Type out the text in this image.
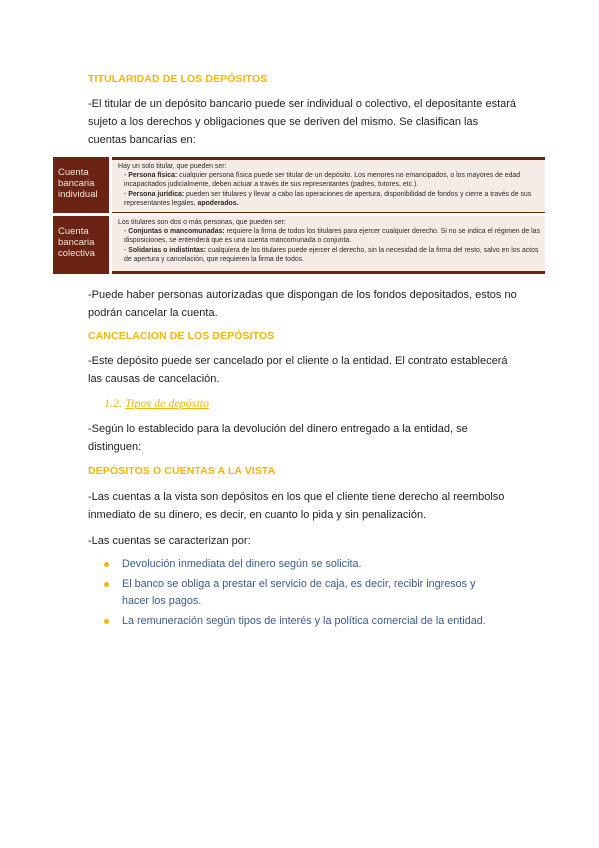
TITULARIDAD DE LOS DEPÓSITOS
-El titular de un depósito bancario puede ser individual o colectivo, el depositante estará sujeto a los derechos y obligaciones que se deriven del mismo. Se clasifican las cuentas bancarias en:
Cuenta bancaria individual
Hay un solo titular, que pueden ser:
- Persona física: cualquier persona física puede ser titular de un depósito. Los menores no emancipados, o los mayores de edad incapacitados judicialmente, deben actuar a través de sus representantes (padres, tutores, etc.).
- Persona jurídica: pueden ser titulares y llevar a cabo las operaciones de apertura, disponibilidad de fondos y cierre a través de sus representantes legales, apoderados.
Cuenta bancaria colectiva
Los titulares son dos o más personas, que pueden ser:
- Conjuntas o mancomunadas: requiere la firma de todos los titulares para ejercer cualquier derecho. Si no se indica el régimen de las disposiciones, se entenderá que es una cuenta mancomunada o conjunta.
- Solidarias o indistintas: cualquiera de los titulares puede ejercer el derecho, sin la necesidad de la firma del resto, salvo en los actos de apertura y cancelación, que requieren la firma de todos.
-Puede haber personas autorizadas que dispongan de los fondos depositados, estos no podrán cancelar la cuenta.
CANCELACION DE LOS DEPÓSITOS
-Este depósito puede ser cancelado por el cliente o la entidad. El contrato establecerá las causas de cancelación.
1.2. Tipos de depósito
-Según lo establecido para la devolución del dinero entregado a la entidad, se distinguen:
DEPÓSITOS O CUENTAS A LA VISTA
-Las cuentas a la vista son depósitos en los que el cliente tiene derecho al reembolso inmediato de su dinero, es decir, en cuanto lo pida y sin penalización.
-Las cuentas se caracterizan por:
Devolución inmediata del dinero según se solicita.
El banco se obliga a prestar el servicio de caja, es decir, recibir ingresos y hacer los pagos.
La remuneración según tipos de interés y la política comercial de la entidad.
